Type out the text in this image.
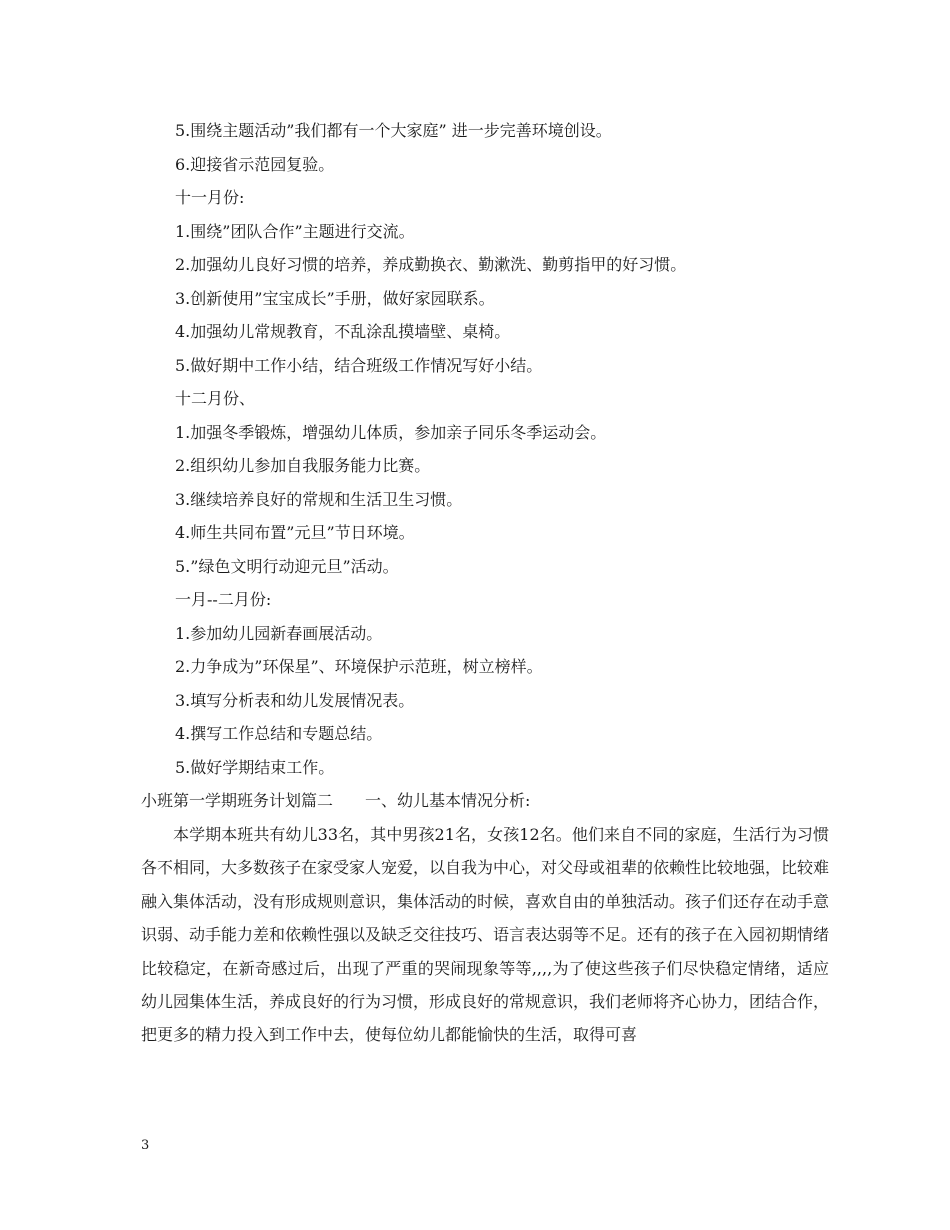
5.围绕主题活动”我们都有一个大家庭” 进一步完善环境创设。
6.迎接省示范园复验。
十一月份:
1.围绕”团队合作”主题进行交流。
2.加强幼儿良好习惯的培养，养成勤换衣、勤漱洗、勤剪指甲的好习惯。
3.创新使用”宝宝成长”手册，做好家园联系。
4.加强幼儿常规教育，不乱涂乱摸墙壁、桌椅。
5.做好期中工作小结，结合班级工作情况写好小结。
十二月份、
1.加强冬季锻炼，增强幼儿体质，参加亲子同乐冬季运动会。
2.组织幼儿参加自我服务能力比赛。
3.继续培养良好的常规和生活卫生习惯。
4.师生共同布置”元旦”节日环境。
5.”绿色文明行动迎元旦”活动。
一月--二月份:
1.参加幼儿园新春画展活动。
2.力争成为”环保星”、环境保护示范班，树立榜样。
3.填写分析表和幼儿发展情况表。
4.撰写工作总结和专题总结。
5.做好学期结束工作。
小班第一学期班务计划篇二　　一、幼儿基本情况分析:
本学期本班共有幼儿33名，其中男孩21名，女孩12名。他们来自不同的家庭，生活行为习惯各不相同，大多数孩子在家受家人宠爱，以自我为中心，对父母或祖辈的依赖性比较地强，比较难融入集体活动，没有形成规则意识，集体活动的时候，喜欢自由的单独活动。孩子们还存在动手意识弱、动手能力差和依赖性强以及缺乏交往技巧、语言表达弱等不足。还有的孩子在入园初期情绪比较稳定，在新奇感过后，出现了严重的哭闹现象等等,,,,为了使这些孩子们尽快稳定情绪，适应幼儿园集体生活，养成良好的行为习惯，形成良好的常规意识，我们老师将齐心协力，团结合作，把更多的精力投入到工作中去，使每位幼儿都能愉快的生活，取得可喜
3
